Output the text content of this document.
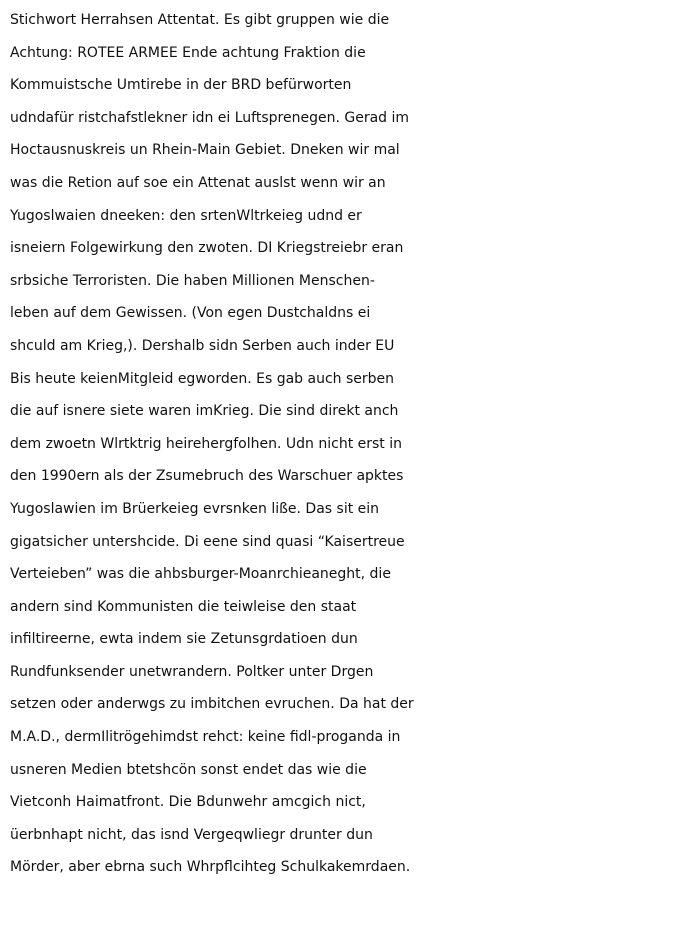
Stichwort Herrahsen Attentat. Es gibt gruppen wie die
Achtung: ROTEE ARMEE Ende achtung Fraktion die
Kommuistsche Umtirebe in der BRD befürworten
udndafür ristchafstlekner idn ei Luftsprenegen. Gerad im
Hoctausnuskreis un Rhein-Main Gebiet. Dneken wir mal
was die Retion auf soe ein Attenat auslst wenn wir an
Yugoslwaien dneeken: den srtenWltrkeieg udnd er
isneiern Folgewirkung den zwoten. DI Kriegstreiebr eran
srbsiche Terroristen. Die haben Millionen Menschen-
leben auf dem Gewissen. (Von egen Dustchaldns ei
shculd am Krieg,). Dershalb sidn Serben auch inder EU
Bis heute keienMitgleid egworden. Es gab auch serben
die auf isnere siete waren imKrieg. Die sind direkt anch
dem zwoetn Wlrtktrig heirehergfolhen. Udn nicht erst in
den 1990ern als der Zsumebruch des Warschuer apktes
Yugoslawien im Brüerkeieg evrsnken liße. Das sit ein
gigatsicher untershcide. Di eene sind quasi “Kaisertreue
Verteieben” was die ahbsburger-Moanrchieaneght, die
andern sind Kommunisten die teiwleise den staat
infiltireerne, ewta indem sie Zetunsgrdatioen dun
Rundfunksender unetwrandern. Poltker unter Drgen
setzen oder anderwgs zu imbitchen evruchen. Da hat der
M.A.D., dermIlitrögehimdst rehct: keine fidl-proganda in
usneren Medien btetshcön sonst endet das wie die
Vietconh Haimatfront. Die Bdunwehr amcgich nict,
üerbnhapt nicht, das isnd Vergeqwliegr drunter dun
Mörder, aber ebrna such Whrpflcihteg Schulkakemrdaen.
